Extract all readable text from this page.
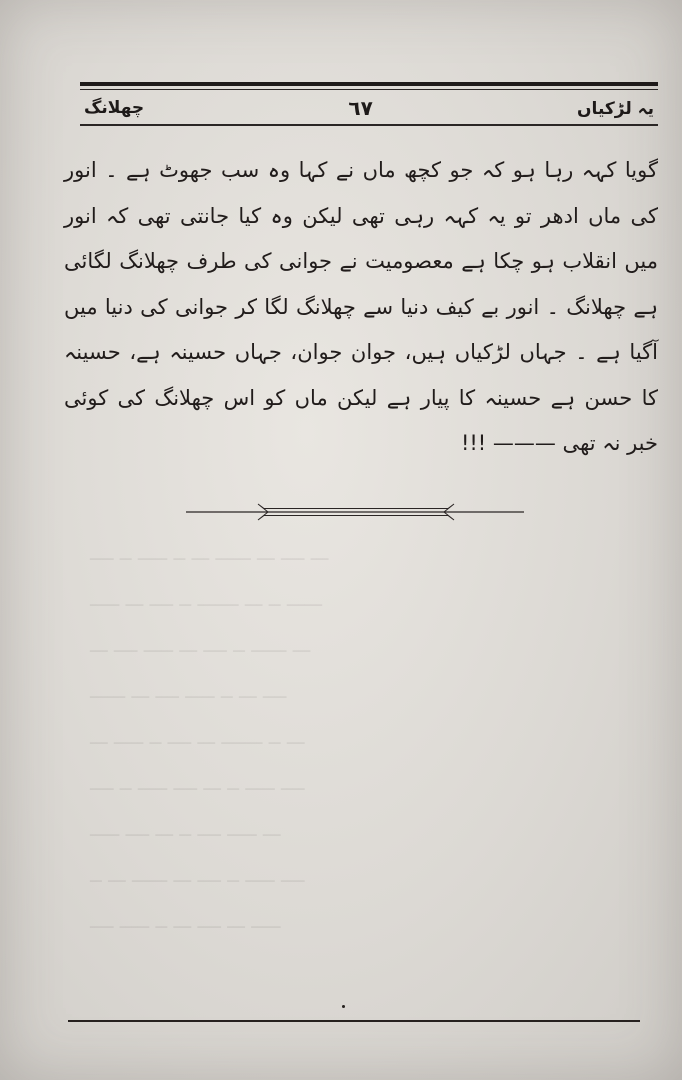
یہ لڑکیاں
٦٧
چھلانگ

گویا کہہ رہا ہو کہ جو کچھ ماں نے کہا وہ سب جھوٹ ہے ۔ انور کی ماں ادھر تو یہ کہہ رہی تھی لیکن وہ کیا جانتی تھی کہ انور میں انقلاب ہو چکا ہے معصومیت نے جوانی کی طرف چھلانگ لگائی ہے چھلانگ ۔ انور بے کیف دنیا سے چھلانگ لگا کر جوانی کی دنیا میں آگیا ہے ۔ جہاں لڑکیاں ہیں، جوان جوان، جہاں حسینہ ہے، حسینہ کا حسن ہے حسینہ کا پیار ہے لیکن ماں کو اس چھلانگ کی کوئی خبر نہ تھی ——— !!!

ــــ ــ ـــــ ــ ـــ ــــــ ـــ ــــ ـــ
ـــــ ـــ ــــ ــ ـــــــ ـــ ــ ــــــ
ـــ ــــ ـــــ ـــ ــــ ــ ــــــ ـــ
ــــــ ـــ ــــ ـــــ ــ ـــ ــــ
ـــ ـــــ ــ ــــ ـــ ـــــــ ــ ـــ
ــــ ــ ـــــ ــــ ـــ ــ ـــــ ــــ
ـــــ ــــ ـــ ــ ــــ ـــــ ـــ
ــ ـــ ــــــ ـــ ــــ ــ ـــــ ــــ
ــــ ـــــ ــ ـــ ــــ ـــ ـــــ
